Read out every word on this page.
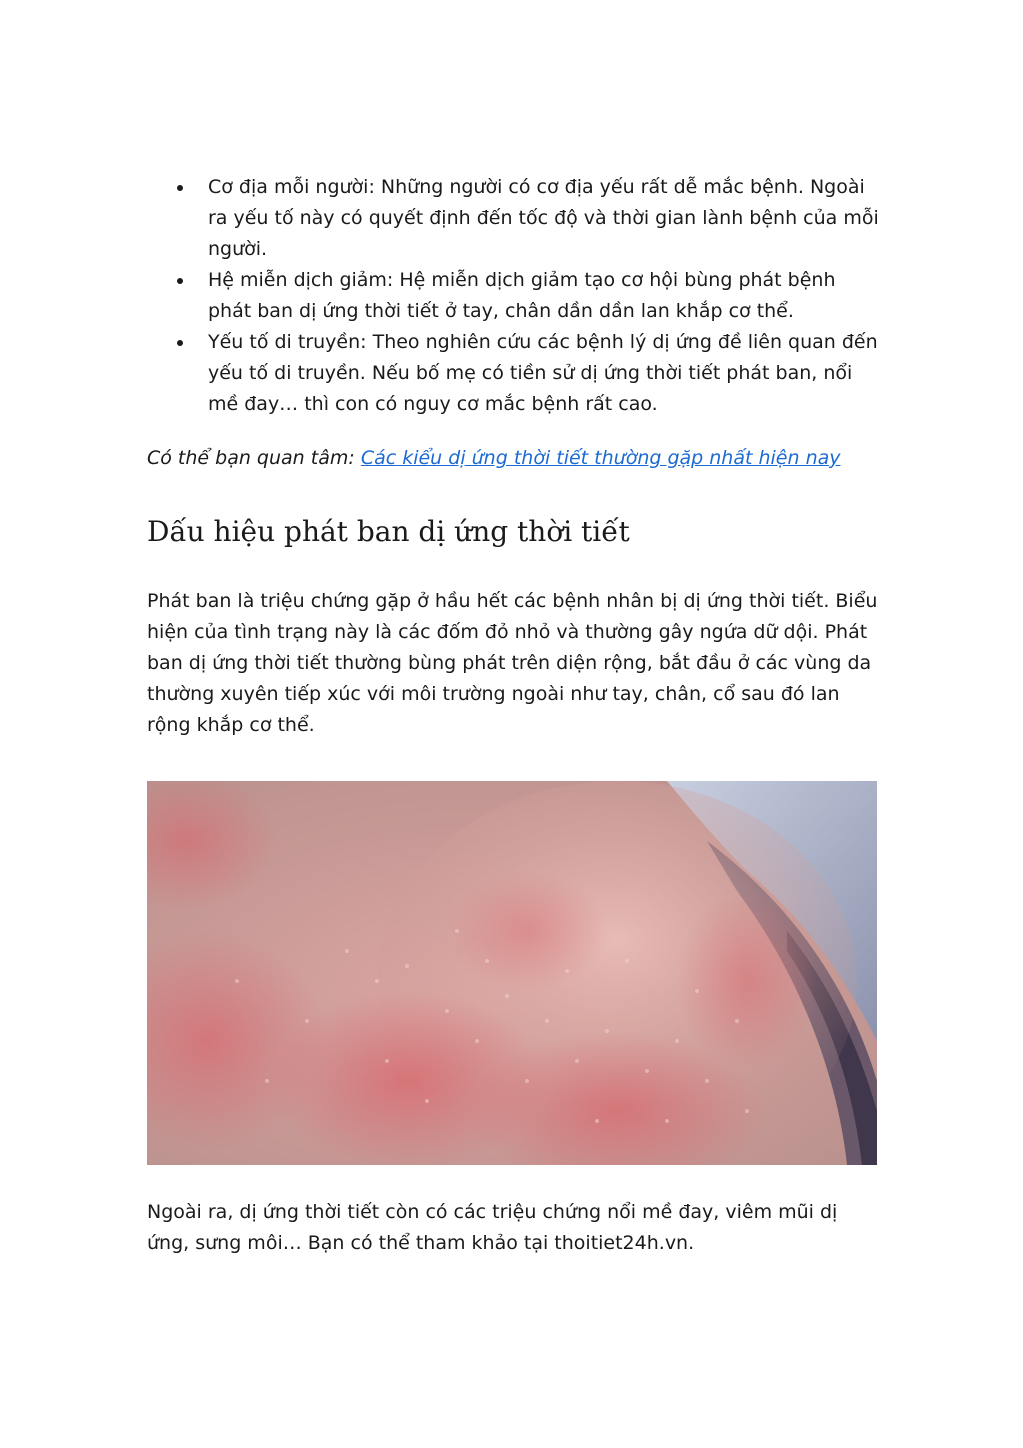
Cơ địa mỗi người: Những người có cơ địa yếu rất dễ mắc bệnh. Ngoài ra yếu tố này có quyết định đến tốc độ và thời gian lành bệnh của mỗi người.
Hệ miễn dịch giảm: Hệ miễn dịch giảm tạo cơ hội bùng phát bệnh phát ban dị ứng thời tiết ở tay, chân dần dần lan khắp cơ thể.
Yếu tố di truyền: Theo nghiên cứu các bệnh lý dị ứng đề liên quan đến yếu tố di truyền. Nếu bố mẹ có tiền sử dị ứng thời tiết phát ban, nổi mề đay… thì con có nguy cơ mắc bệnh rất cao.
Có thể bạn quan tâm: Các kiểu dị ứng thời tiết thường gặp nhất hiện nay
Dấu hiệu phát ban dị ứng thời tiết

Phát ban là triệu chứng gặp ở hầu hết các bệnh nhân bị dị ứng thời tiết. Biểu hiện của tình trạng này là các đốm đỏ nhỏ và thường gây ngứa dữ dội. Phát ban dị ứng thời tiết thường bùng phát trên diện rộng, bắt đầu ở các vùng da thường xuyên tiếp xúc với môi trường ngoài như tay, chân, cổ sau đó lan rộng khắp cơ thể.

Ngoài ra, dị ứng thời tiết còn có các triệu chứng nổi mề đay, viêm mũi dị ứng, sưng môi… Bạn có thể tham khảo tại thoitiet24h.vn.
